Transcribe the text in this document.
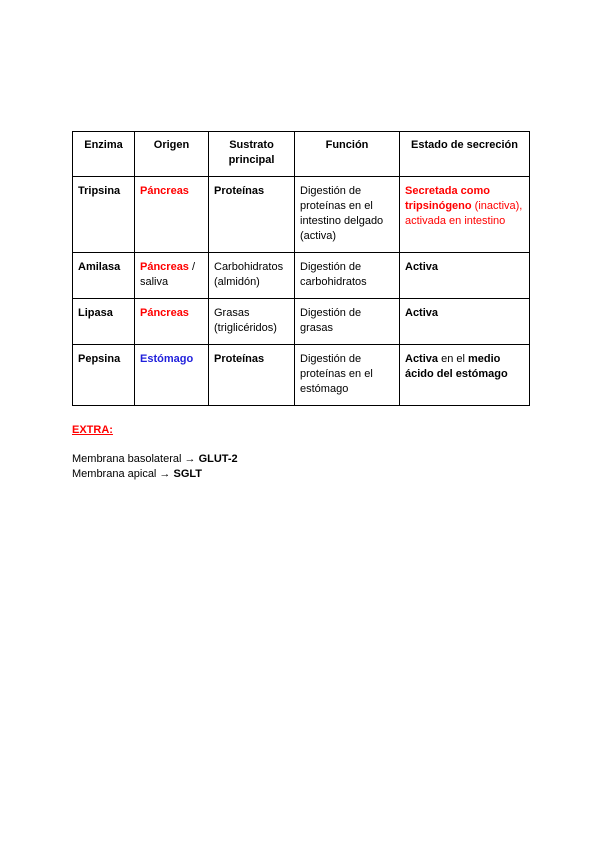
Enzima	Origen	Sustrato principal	Función	Estado de secreción
Tripsina	Páncreas	Proteínas	Digestión de proteínas en el intestino delgado (activa)	Secretada como tripsinógeno (inactiva), activada en intestino
Amilasa	Páncreas / saliva	Carbohidratos (almidón)	Digestión de carbohidratos	Activa
Lipasa	Páncreas	Grasas (triglicéridos)	Digestión de grasas	Activa
Pepsina	Estómago	Proteínas	Digestión de proteínas en el estómago	Activa en el medio ácido del estómago
EXTRA:
Membrana basolateral → GLUT-2
Membrana apical → SGLT
